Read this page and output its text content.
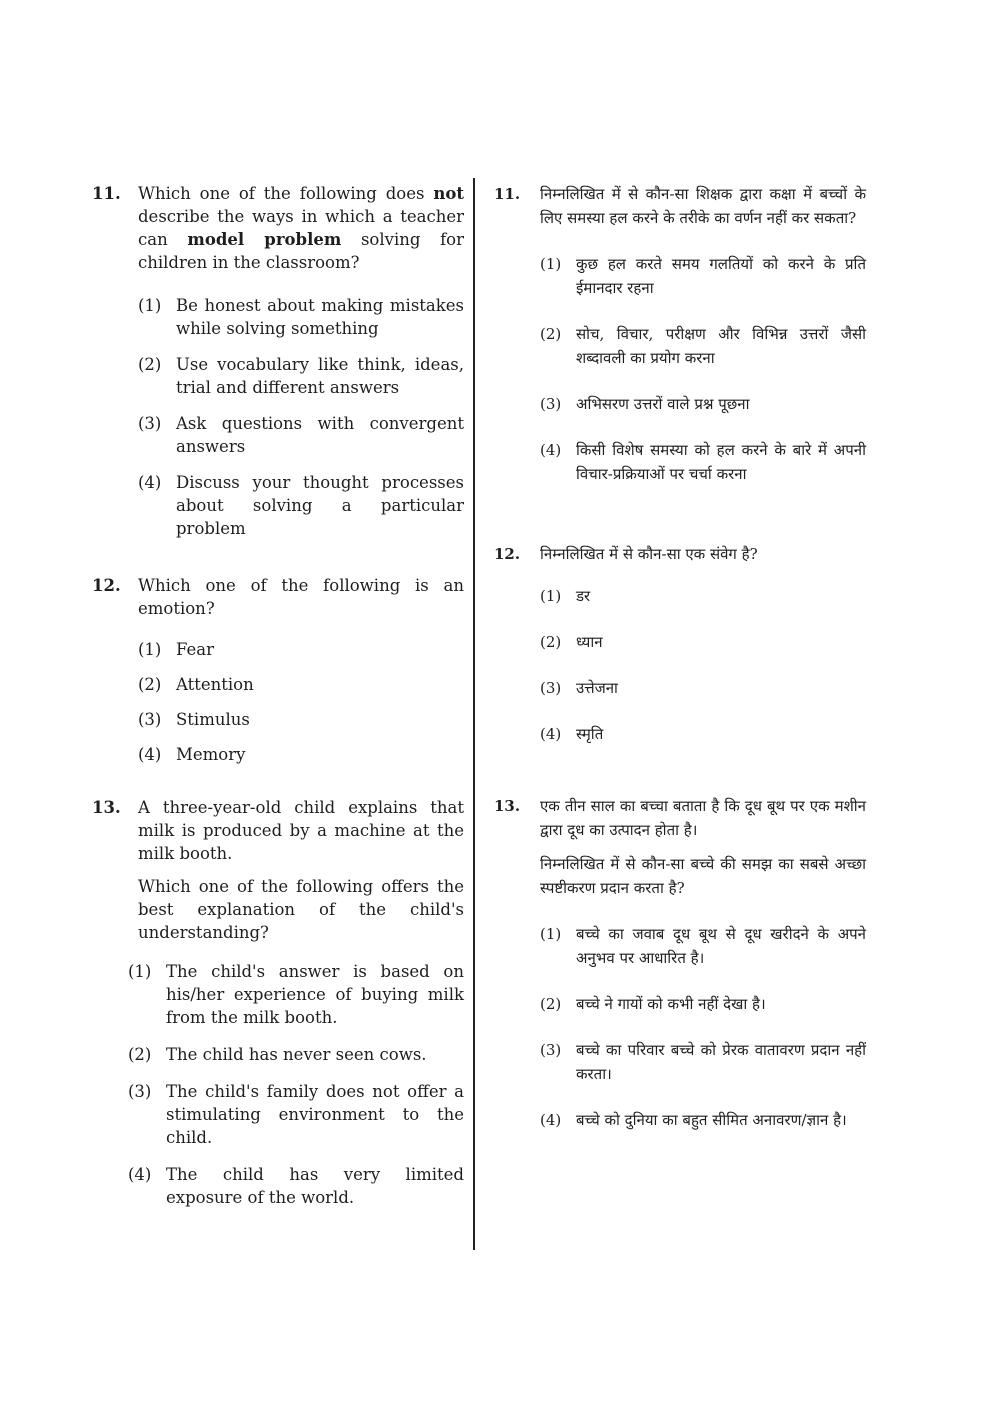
11.	Which one of the following does not describe the ways in which a teacher can model problem solving for children in the classroom?
(1) Be honest about making mistakes while solving something
(2) Use vocabulary like think, ideas, trial and different answers
(3) Ask questions with convergent answers
(4) Discuss your thought processes about solving a particular problem
12.	Which one of the following is an emotion?
(1) Fear
(2) Attention
(3) Stimulus
(4) Memory
13.	A three-year-old child explains that milk is produced by a machine at the milk booth.
Which one of the following offers the best explanation of the child's understanding?
(1) The child's answer is based on his/her experience of buying milk from the milk booth.
(2) The child has never seen cows.
(3) The child's family does not offer a stimulating environment to the child.
(4) The child has very limited exposure of the world.
11.	निम्नलिखित में से कौन-सा शिक्षक द्वारा कक्षा में बच्चों के लिए समस्या हल करने के तरीके का वर्णन नहीं कर सकता?
(1) कुछ हल करते समय गलतियों को करने के प्रति ईमानदार रहना
(2) सोच, विचार, परीक्षण और विभिन्न उत्तरों जैसी शब्दावली का प्रयोग करना
(3) अभिसरण उत्तरों वाले प्रश्न पूछना
(4) किसी विशेष समस्या को हल करने के बारे में अपनी विचार-प्रक्रियाओं पर चर्चा करना
12.	निम्नलिखित में से कौन-सा एक संवेग है?
(1) डर
(2) ध्यान
(3) उत्तेजना
(4) स्मृति
13.	एक तीन साल का बच्चा बताता है कि दूध बूथ पर एक मशीन द्वारा दूध का उत्पादन होता है।
निम्नलिखित में से कौन-सा बच्चे की समझ का सबसे अच्छा स्पष्टीकरण प्रदान करता है?
(1) बच्चे का जवाब दूध बूथ से दूध खरीदने के अपने अनुभव पर आधारित है।
(2) बच्चे ने गायों को कभी नहीं देखा है।
(3) बच्चे का परिवार बच्चे को प्रेरक वातावरण प्रदान नहीं करता।
(4) बच्चे को दुनिया का बहुत सीमित अनावरण/ज्ञान है।
